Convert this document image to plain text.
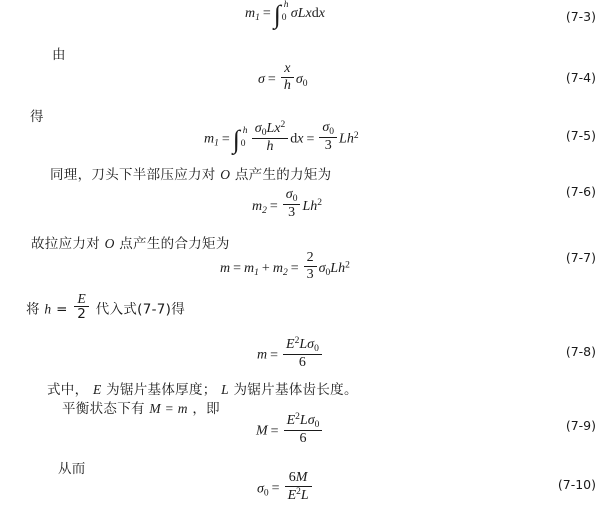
$m_1$ = ∫ h
0 σLxdx	(7-3)
由
$\sigma = \frac{x}{h} \sigma_0$	(7-4)
得
$m_1$ = ∫ h
$0 \frac{\sigma_0Lx^2}{h}$ dx = $\frac{\sigma_0}{3} Lh^2$	(7-5)
同理，刀头下半部压应力对 O 点产生的力矩为
$m_2 = \frac{\sigma_0}{3} Lh^2$
(7-6)
故拉应力对 O 点产生的合力矩为
$m = m_1 + m_2 = \frac{2}{3} \sigma_0Lh^2$
(7-7)
将 $h = \frac{E}{2}$ 代入式(7-7)得
$m = \frac{E^2L\sigma_0}{6}$	(7-8)
式中， E 为锯片基体厚度； L 为锯片基体齿长度。
平衡状态下有 M = m ，即
$M = \frac{E^2L\sigma_0}{6}$	(7-9)
从而
$\sigma_0 = \frac{6M}{E^2L}$	(7-10)
